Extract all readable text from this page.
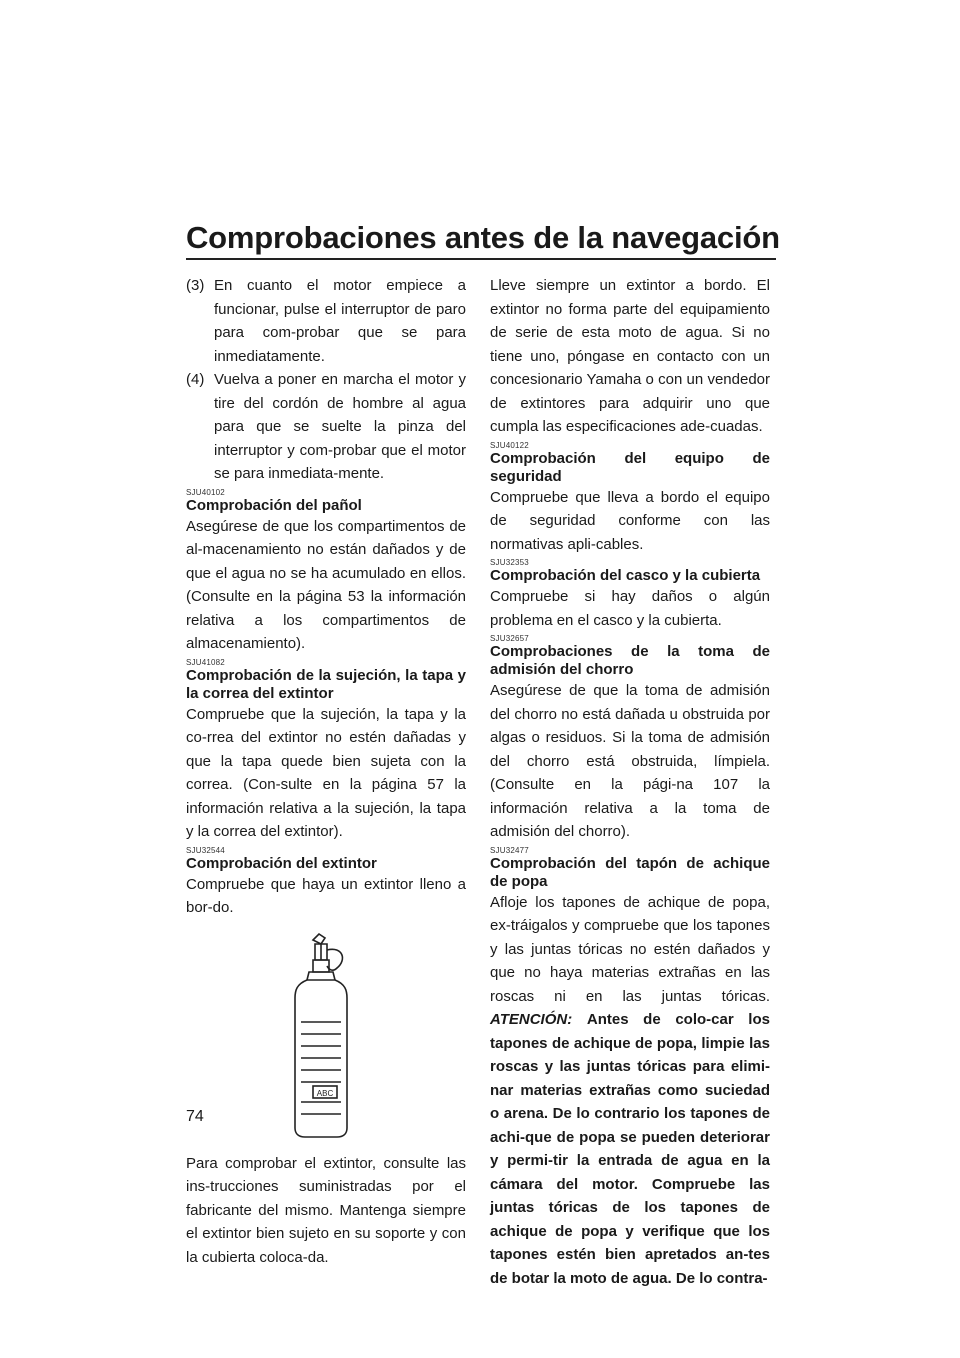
Comprobaciones antes de la navegación
(3) En cuanto el motor empiece a funcionar, pulse el interruptor de paro para com-probar que se para inmediatamente.
(4) Vuelva a poner en marcha el motor y tire del cordón de hombre al agua para que se suelte la pinza del interruptor y com-probar que el motor se para inmediata-mente.
SJU40102
Comprobación del pañol

Asegúrese de que los compartimentos de al-macenamiento no están dañados y de que el agua no se ha acumulado en ellos. (Consulte en la página 53 la información relativa a los compartimentos de almacenamiento).

SJU41082
Comprobación de la sujeción, la tapa y la correa del extintor

Compruebe que la sujeción, la tapa y la co-rrea del extintor no estén dañadas y que la tapa quede bien sujeta con la correa. (Con-sulte en la página 57 la información relativa a la sujeción, la tapa y la correa del extintor).

SJU32544
Comprobación del extintor

Compruebe que haya un extintor lleno a bor-do.

ABC

Para comprobar el extintor, consulte las ins-trucciones suministradas por el fabricante del mismo. Mantenga siempre el extintor bien sujeto en su soporte y con la cubierta coloca-da.

Lleve siempre un extintor a bordo. El extintor no forma parte del equipamiento de serie de esta moto de agua. Si no tiene uno, póngase en contacto con un concesionario Yamaha o con un vendedor de extintores para adquirir uno que cumpla las especificaciones ade-cuadas.

SJU40122
Comprobación del equipo de seguridad

Compruebe que lleva a bordo el equipo de seguridad conforme con las normativas apli-cables.

SJU32353
Comprobación del casco y la cubierta

Compruebe si hay daños o algún problema en el casco y la cubierta.

SJU32657
Comprobaciones de la toma de admisión del chorro

Asegúrese de que la toma de admisión del chorro no está dañada u obstruida por algas o residuos. Si la toma de admisión del chorro está obstruida, límpiela. (Consulte en la pági-na 107 la información relativa a la toma de admisión del chorro).

SJU32477
Comprobación del tapón de achique de popa

Afloje los tapones de achique de popa, ex-tráigalos y compruebe que los tapones y las juntas tóricas no estén dañados y que no haya materias extrañas en las roscas ni en las juntas tóricas. ATENCIÓN: Antes de colo-car los tapones de achique de popa, limpie las roscas y las juntas tóricas para elimi-nar materias extrañas como suciedad o arena. De lo contrario los tapones de achi-que de popa se pueden deteriorar y permi-tir la entrada de agua en la cámara del motor. Compruebe las juntas tóricas de los tapones de achique de popa y verifique que los tapones estén bien apretados an-tes de botar la moto de agua. De lo contra-

74
